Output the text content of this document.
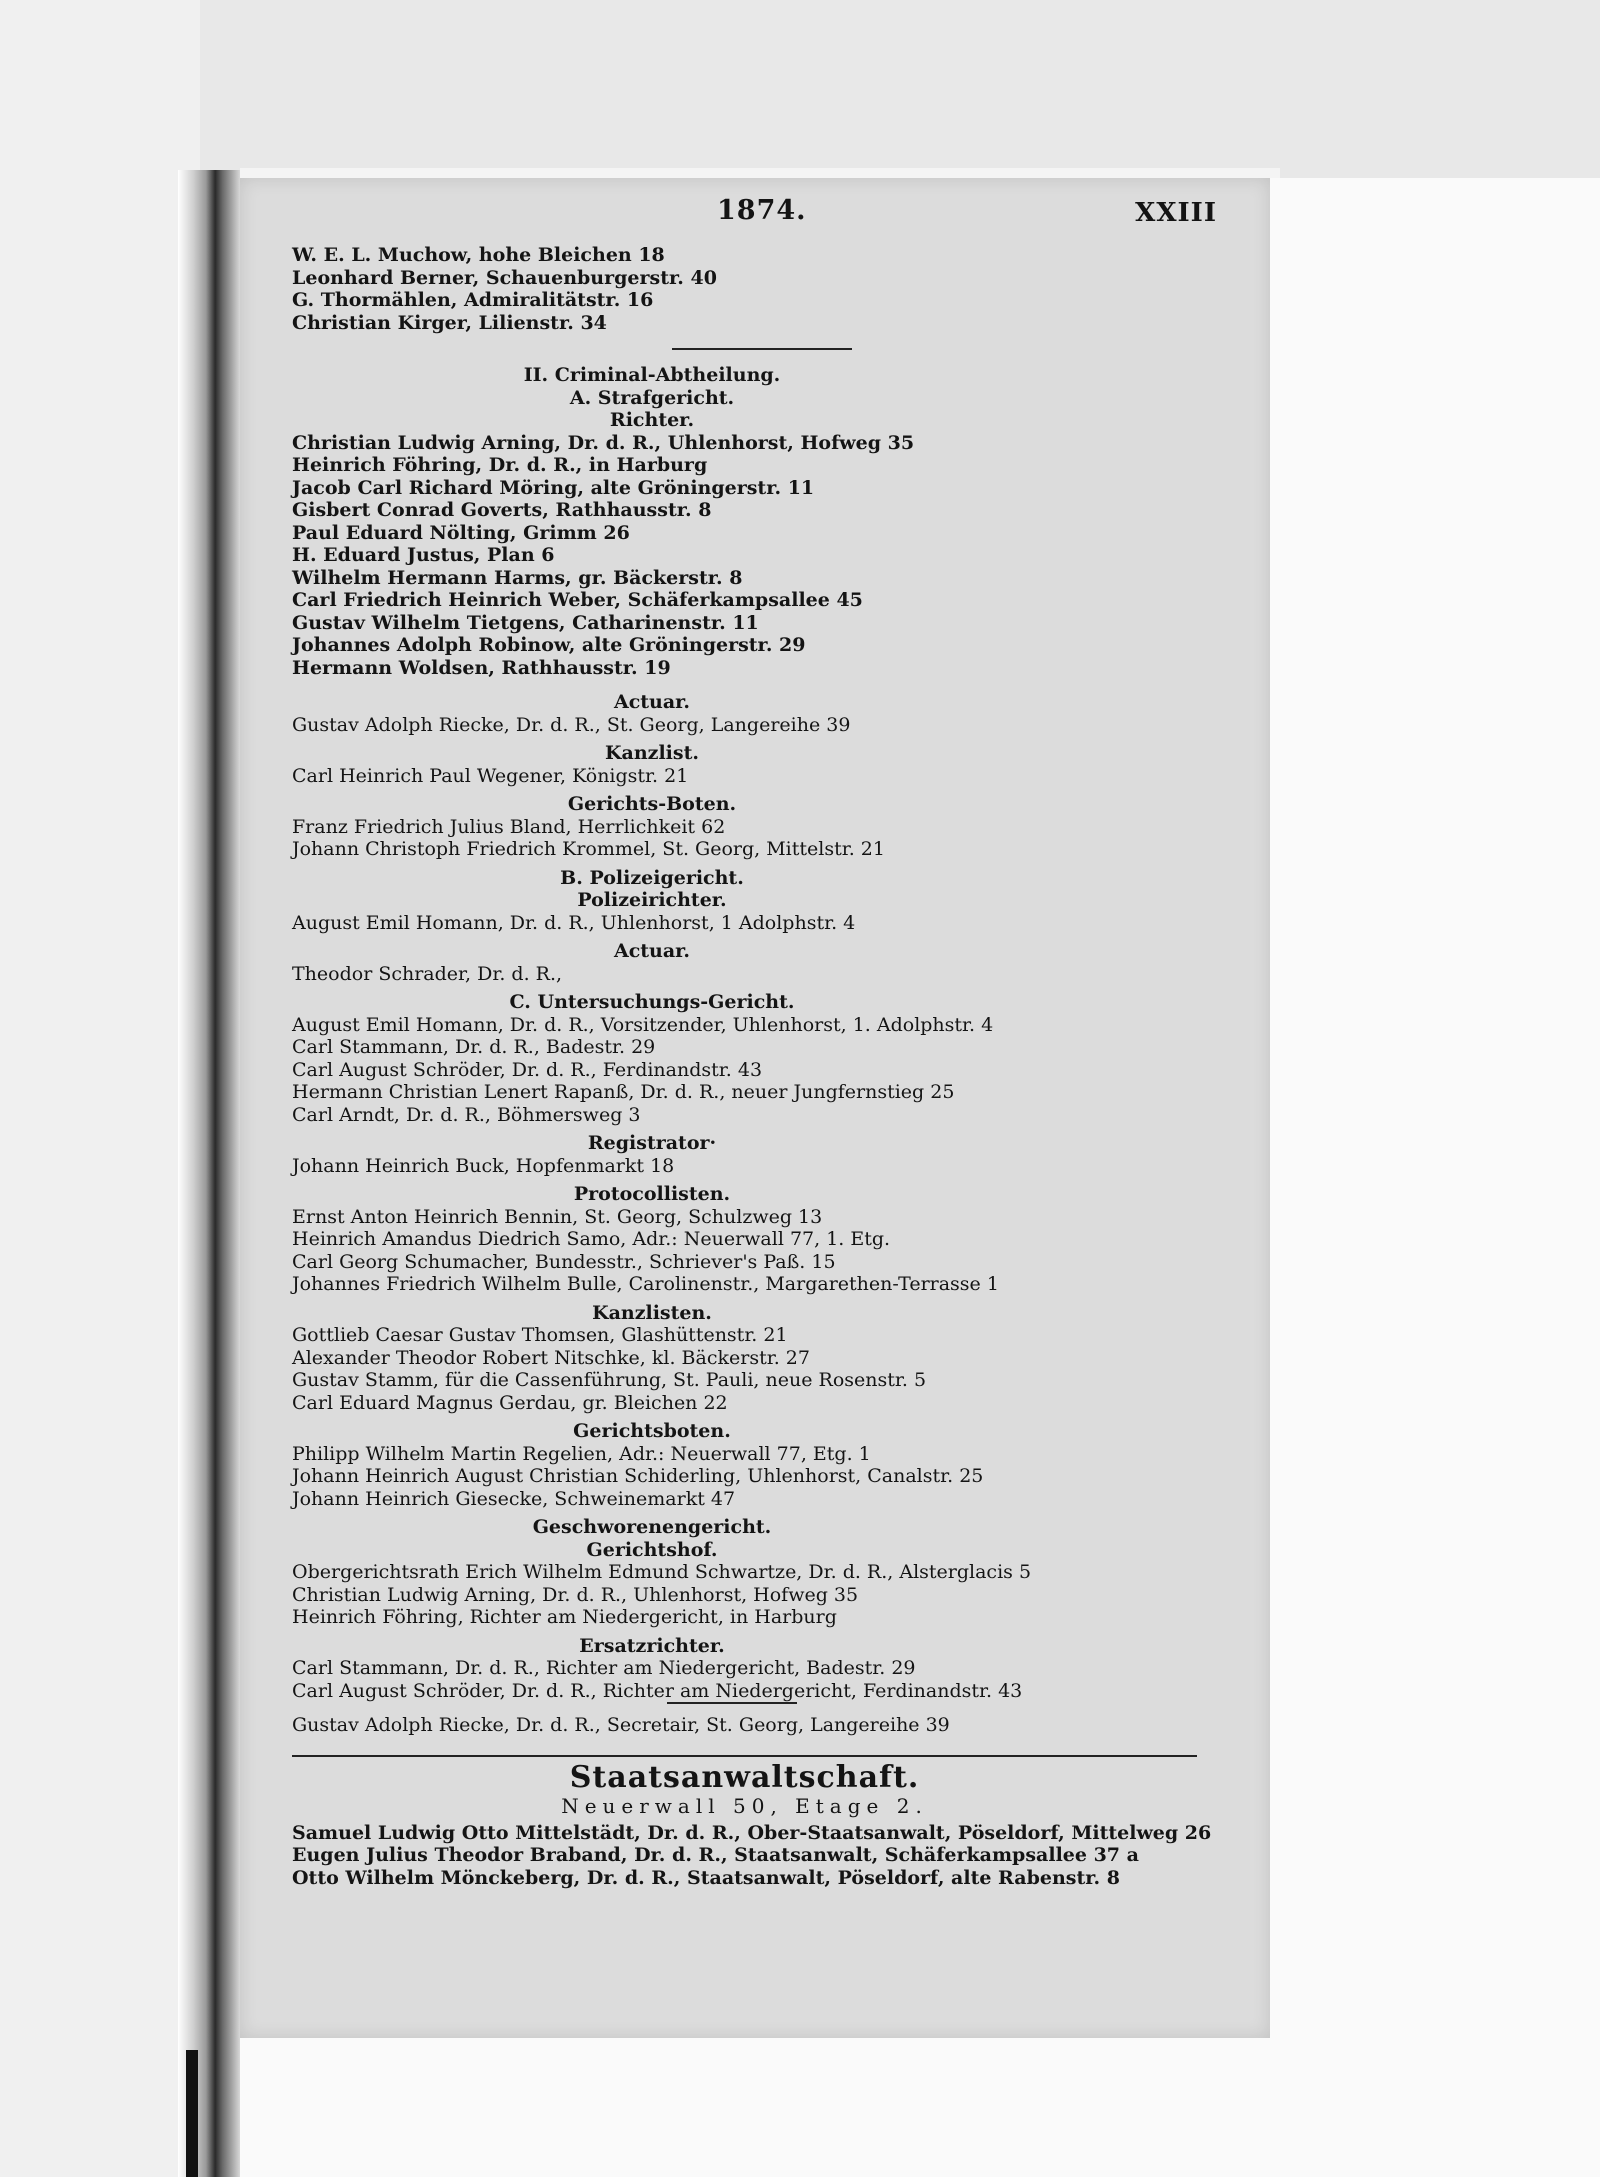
1874.	XXIII
W. E. L. Muchow, hohe Bleichen 18
Leonhard Berner, Schauenburgerstr. 40
G. Thormählen, Admiralitätstr. 16
Christian Kirger, Lilienstr. 34
II. Criminal-Abtheilung.
A. Strafgericht.
Richter.
Christian Ludwig Arning, Dr. d. R., Uhlenhorst, Hofweg 35
Heinrich Föhring, Dr. d. R., in Harburg
Jacob Carl Richard Möring, alte Gröningerstr. 11
Gisbert Conrad Goverts, Rathhausstr. 8
Paul Eduard Nölting, Grimm 26
H. Eduard Justus, Plan 6
Wilhelm Hermann Harms, gr. Bäckerstr. 8
Carl Friedrich Heinrich Weber, Schäferkampsallee 45
Gustav Wilhelm Tietgens, Catharinenstr. 11
Johannes Adolph Robinow, alte Gröningerstr. 29
Hermann Woldsen, Rathhausstr. 19
Actuar.
Gustav Adolph Riecke, Dr. d. R., St. Georg, Langereihe 39
Kanzlist.
Carl Heinrich Paul Wegener, Königstr. 21
Gerichts-Boten.
Franz Friedrich Julius Bland, Herrlichkeit 62
Johann Christoph Friedrich Krommel, St. Georg, Mittelstr. 21
B. Polizeigericht.
Polizeirichter.
August Emil Homann, Dr. d. R., Uhlenhorst, 1 Adolphstr. 4
Actuar.
Theodor Schrader, Dr. d. R.,
C. Untersuchungs-Gericht.
August Emil Homann, Dr. d. R., Vorsitzender, Uhlenhorst, 1. Adolphstr. 4
Carl Stammann, Dr. d. R., Badestr. 29
Carl August Schröder, Dr. d. R., Ferdinandstr. 43
Hermann Christian Lenert Rapanß, Dr. d. R., neuer Jungfernstieg 25
Carl Arndt, Dr. d. R., Böhmersweg 3
Registrator·
Johann Heinrich Buck, Hopfenmarkt 18
Protocollisten.
Ernst Anton Heinrich Bennin, St. Georg, Schulzweg 13
Heinrich Amandus Diedrich Samo, Adr.: Neuerwall 77, 1. Etg.
Carl Georg Schumacher, Bundesstr., Schriever's Paß. 15
Johannes Friedrich Wilhelm Bulle, Carolinenstr., Margarethen-Terrasse 1
Kanzlisten.
Gottlieb Caesar Gustav Thomsen, Glashüttenstr. 21
Alexander Theodor Robert Nitschke, kl. Bäckerstr. 27
Gustav Stamm, für die Cassenführung, St. Pauli, neue Rosenstr. 5
Carl Eduard Magnus Gerdau, gr. Bleichen 22
Gerichtsboten.
Philipp Wilhelm Martin Regelien, Adr.: Neuerwall 77, Etg. 1
Johann Heinrich August Christian Schiderling, Uhlenhorst, Canalstr. 25
Johann Heinrich Giesecke, Schweinemarkt 47
Geschworenengericht.
Gerichtshof.
Obergerichtsrath Erich Wilhelm Edmund Schwartze, Dr. d. R., Alsterglacis 5
Christian Ludwig Arning, Dr. d. R., Uhlenhorst, Hofweg 35
Heinrich Föhring, Richter am Niedergericht, in Harburg
Ersatzrichter.
Carl Stammann, Dr. d. R., Richter am Niedergericht, Badestr. 29
Carl August Schröder, Dr. d. R., Richter am Niedergericht, Ferdinandstr. 43
Gustav Adolph Riecke, Dr. d. R., Secretair, St. Georg, Langereihe 39
Staatsanwaltschaft.
Neuerwall 50, Etage 2.
Samuel Ludwig Otto Mittelstädt, Dr. d. R., Ober-Staatsanwalt, Pöseldorf, Mittelweg 26
Eugen Julius Theodor Braband, Dr. d. R., Staatsanwalt, Schäferkampsallee 37 a
Otto Wilhelm Mönckeberg, Dr. d. R., Staatsanwalt, Pöseldorf, alte Rabenstr. 8
